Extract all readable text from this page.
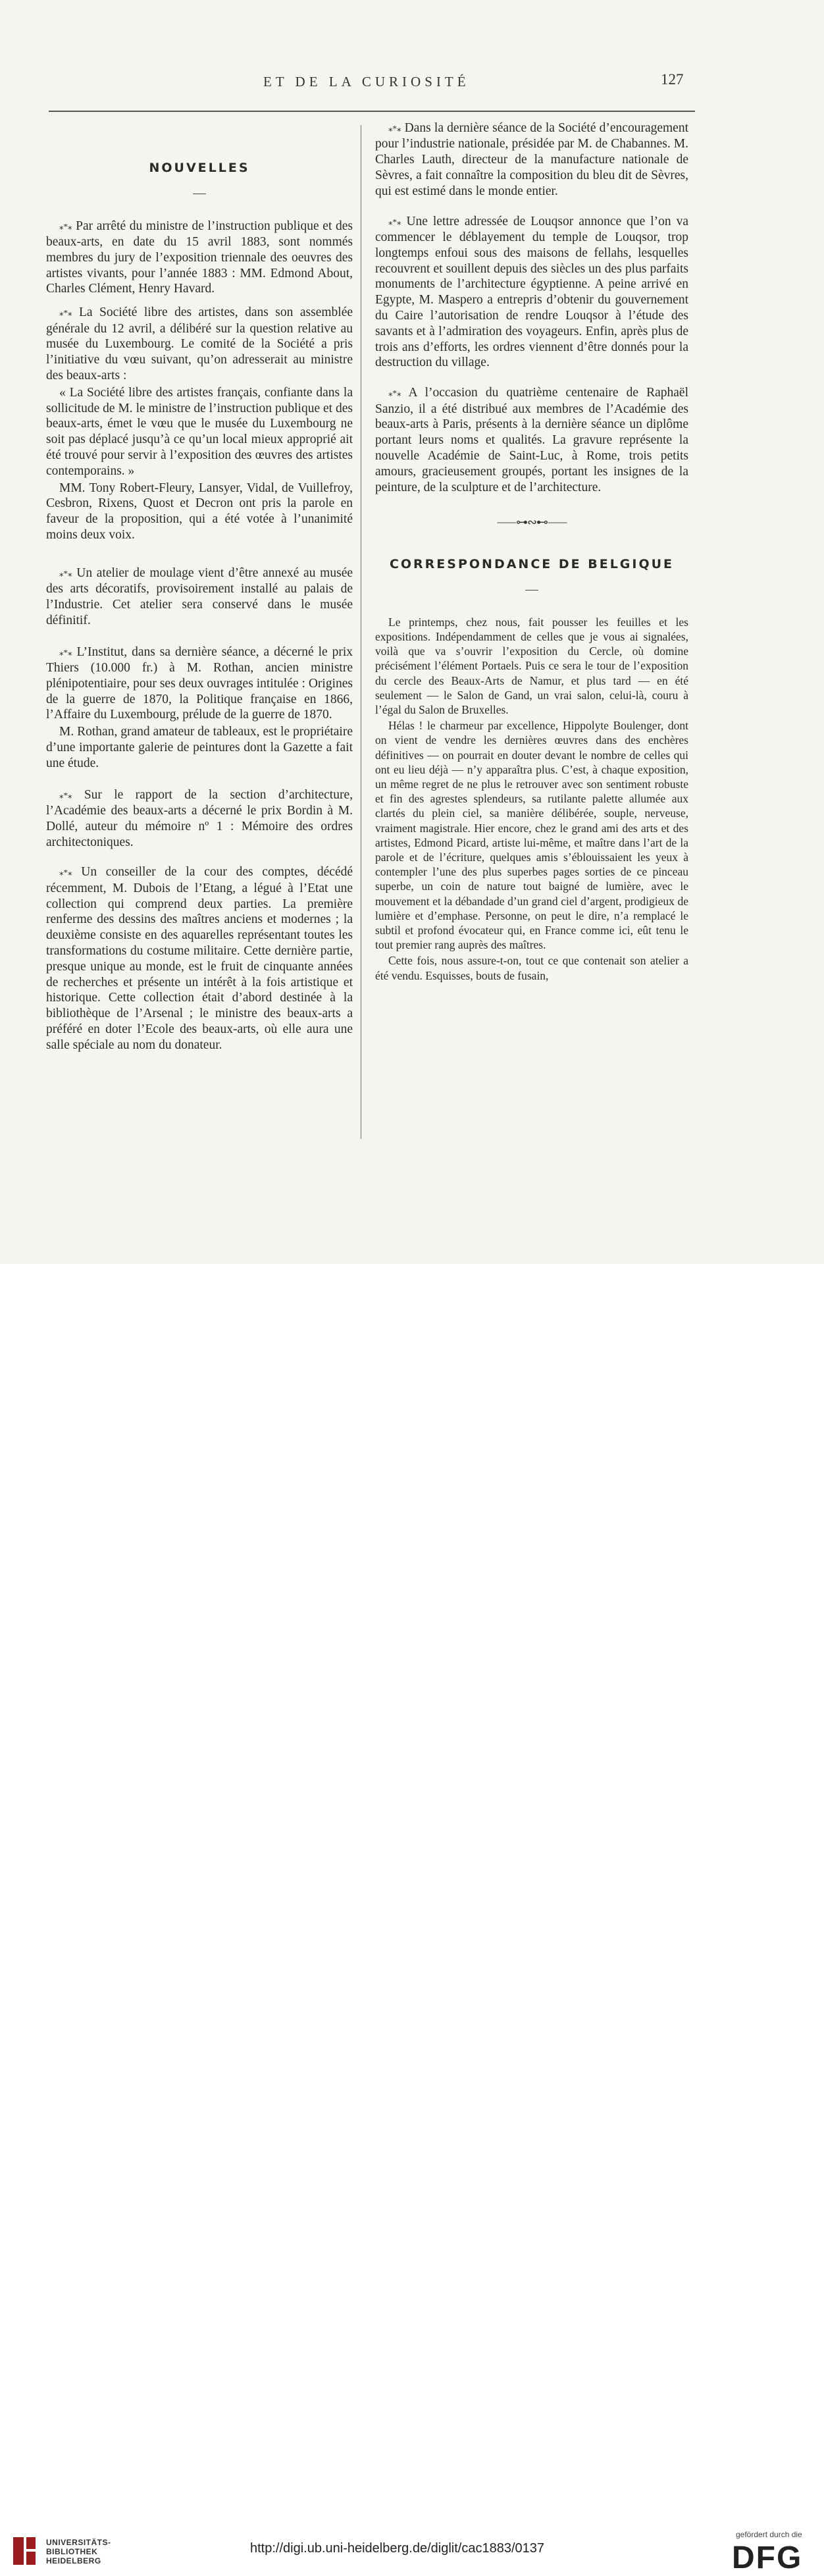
ET DE LA CURIOSITÉ	127
NOUVELLES
—

⁎*⁎ Par arrêté du ministre de l’instruction publique et des beaux-arts, en date du 15 avril 1883, sont nommés membres du jury de l’exposition triennale des oeuvres des artistes vivants, pour l’année 1883 : MM. Edmond About, Charles Clément, Henry Havard.

⁎*⁎ La Société libre des artistes, dans son assemblée générale du 12 avril, a délibéré sur la question relative au musée du Luxembourg. Le comité de la Société a pris l’initiative du vœu suivant, qu’on adresserait au ministre des beaux-arts :

« La Société libre des artistes français, confiante dans la sollicitude de M. le ministre de l’instruction publique et des beaux-arts, émet le vœu que le musée du Luxembourg ne soit pas déplacé jusqu’à ce qu’un local mieux approprié ait été trouvé pour servir à l’exposition des œuvres des artistes contemporains. »

MM. Tony Robert-Fleury, Lansyer, Vidal, de Vuillefroy, Cesbron, Rixens, Quost et Decron ont pris la parole en faveur de la proposition, qui a été votée à l’unanimité moins deux voix.

⁎*⁎ Un atelier de moulage vient d’être annexé au musée des arts décoratifs, provisoirement installé au palais de l’Industrie. Cet atelier sera conservé dans le musée définitif.

⁎*⁎ L’Institut, dans sa dernière séance, a décerné le prix Thiers (10.000 fr.) à M. Rothan, ancien ministre plénipotentiaire, pour ses deux ouvrages intitulée : Origines de la guerre de 1870, la Politique française en 1866, l’Affaire du Luxembourg, prélude de la guerre de 1870.

M. Rothan, grand amateur de tableaux, est le propriétaire d’une importante galerie de peintures dont la Gazette a fait une étude.

⁎*⁎ Sur le rapport de la section d’architecture, l’Académie des beaux-arts a décerné le prix Bordin à M. Dollé, auteur du mémoire nº 1 : Mémoire des ordres architectoniques.

⁎*⁎ Un conseiller de la cour des comptes, décédé récemment, M. Dubois de l’Etang, a légué à l’Etat une collection qui comprend deux parties. La première renferme des dessins des maîtres anciens et modernes ; la deuxième consiste en des aquarelles représentant toutes les transformations du costume militaire. Cette dernière partie, presque unique au monde, est le fruit de cinquante années de recherches et présente un intérêt à la fois artistique et historique. Cette collection était d’abord destinée à la bibliothèque de l’Arsenal ; le ministre des beaux-arts a préféré en doter l’Ecole des beaux-arts, où elle aura une salle spéciale au nom du donateur.

⁎*⁎ Dans la dernière séance de la Société d’encouragement pour l’industrie nationale, présidée par M. de Chabannes. M. Charles Lauth, directeur de la manufacture nationale de Sèvres, a fait connaître la composition du bleu dit de Sèvres, qui est estimé dans le monde entier.

⁎*⁎ Une lettre adressée de Louqsor annonce que l’on va commencer le déblayement du temple de Louqsor, trop longtemps enfoui sous des maisons de fellahs, lesquelles recouvrent et souillent depuis des siècles un des plus parfaits monuments de l’architecture égyptienne. A peine arrivé en Egypte, M. Maspero a entrepris d’obtenir du gouvernement du Caire l’autorisation de rendre Louqsor à l’étude des savants et à l’admiration des voyageurs. Enfin, après plus de trois ans d’efforts, les ordres viennent d’être donnés pour la destruction du village.

⁎*⁎ A l’occasion du quatrième centenaire de Raphaël Sanzio, il a été distribué aux membres de l’Académie des beaux-arts à Paris, présents à la dernière séance un diplôme portant leurs noms et qualités. La gravure représente la nouvelle Académie de Saint-Luc, à Rome, trois petits amours, gracieusement groupés, portant les insignes de la peinture, de la sculpture et de l’architecture.

⸺⊶∾⊷⸺
CORRESPONDANCE DE BELGIQUE
—

Le printemps, chez nous, fait pousser les feuilles et les expositions. Indépendamment de celles que je vous ai signalées, voilà que va s’ouvrir l’exposition du Cercle, où domine précisément l’élément Portaels. Puis ce sera le tour de l’exposition du cercle des Beaux-Arts de Namur, et plus tard — en été seulement — le Salon de Gand, un vrai salon, celui-là, couru à l’égal du Salon de Bruxelles.

Hélas ! le charmeur par excellence, Hippolyte Boulenger, dont on vient de vendre les dernières œuvres dans des enchères définitives — on pourrait en douter devant le nombre de celles qui ont eu lieu déjà — n’y apparaîtra plus. C’est, à chaque exposition, un même regret de ne plus le retrouver avec son sentiment robuste et fin des agrestes splendeurs, sa rutilante palette allumée aux clartés du plein ciel, sa manière délibérée, souple, nerveuse, vraiment magistrale. Hier encore, chez le grand ami des arts et des artistes, Edmond Picard, artiste lui-même, et maître dans l’art de la parole et de l’écriture, quelques amis s’éblouissaient les yeux à contempler l’une des plus superbes pages sorties de ce pinceau superbe, un coin de nature tout baigné de lumière, avec le mouvement et la débandade d’un grand ciel d’argent, prodigieux de lumière et d’emphase. Personne, on peut le dire, n’a remplacé le subtil et profond évocateur qui, en France comme ici, eût tenu le tout premier rang auprès des maîtres.

Cette fois, nous assure-t-on, tout ce que contenait son atelier a été vendu. Esquisses, bouts de fusain,

UNIVERSITÄTS-
BIBLIOTHEK
HEIDELBERG
http://digi.ub.uni-heidelberg.de/diglit/cac1883/0137
gefördert durch die
DFG
